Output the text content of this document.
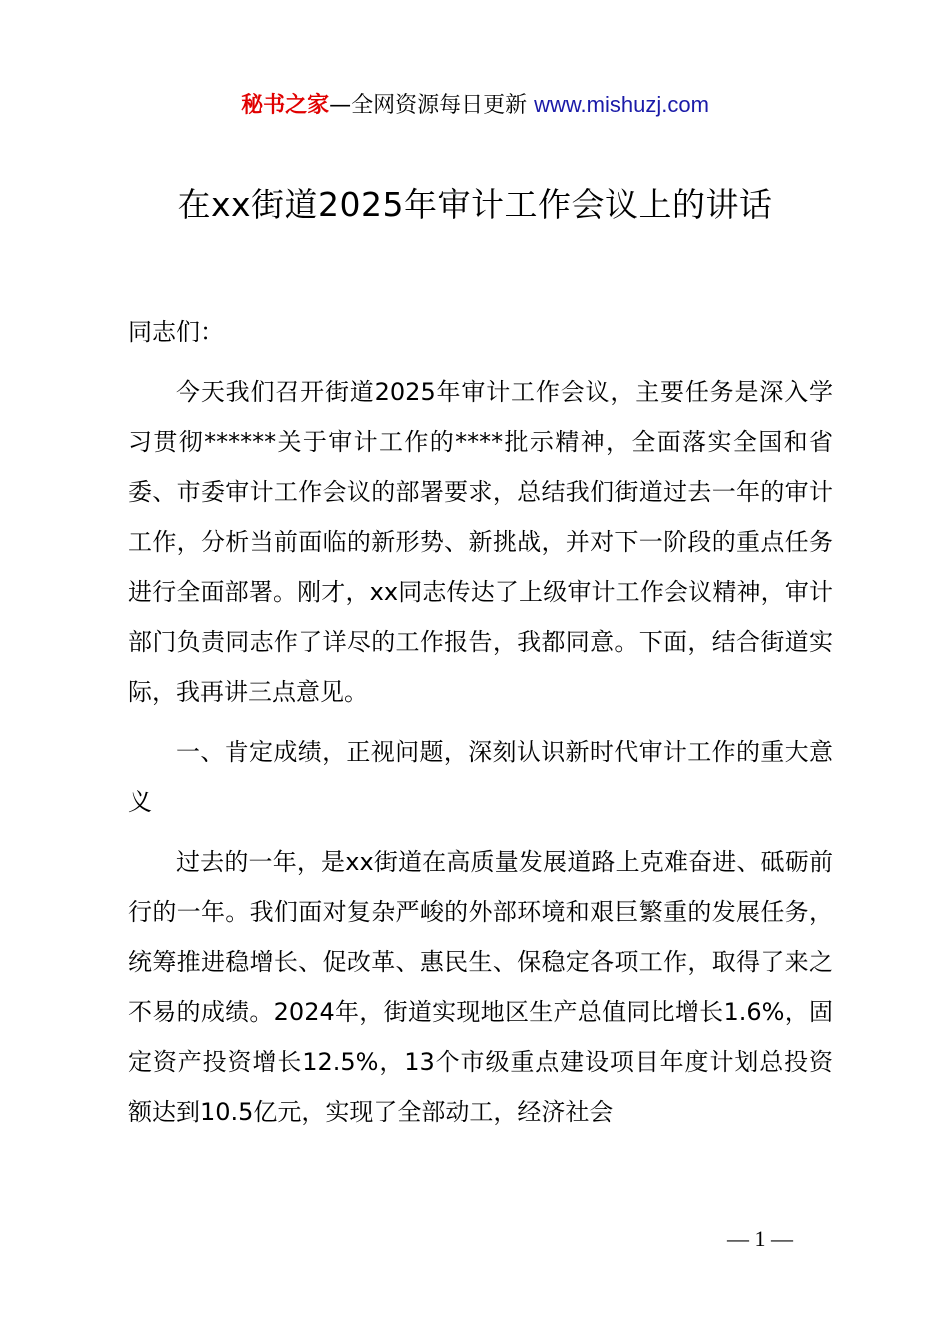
秘书之家—全网资源每日更新 www.mishuzj.com
在xx街道2025年审计工作会议上的讲话

同志们：

今天我们召开街道2025年审计工作会议，主要任务是深入学习贯彻******关于审计工作的****批示精神，全面落实全国和省委、市委审计工作会议的部署要求，总结我们街道过去一年的审计工作，分析当前面临的新形势、新挑战，并对下一阶段的重点任务进行全面部署。刚才，xx同志传达了上级审计工作会议精神，审计部门负责同志作了详尽的工作报告，我都同意。下面，结合街道实际，我再讲三点意见。

一、肯定成绩，正视问题，深刻认识新时代审计工作的重大意义

过去的一年，是xx街道在高质量发展道路上克难奋进、砥砺前行的一年。我们面对复杂严峻的外部环境和艰巨繁重的发展任务，统筹推进稳增长、促改革、惠民生、保稳定各项工作，取得了来之不易的成绩。2024年，街道实现地区生产总值同比增长1.6%，固定资产投资增长12.5%，13个市级重点建设项目年度计划总投资额达到10.5亿元，实现了全部动工，经济社会

— 1 —
